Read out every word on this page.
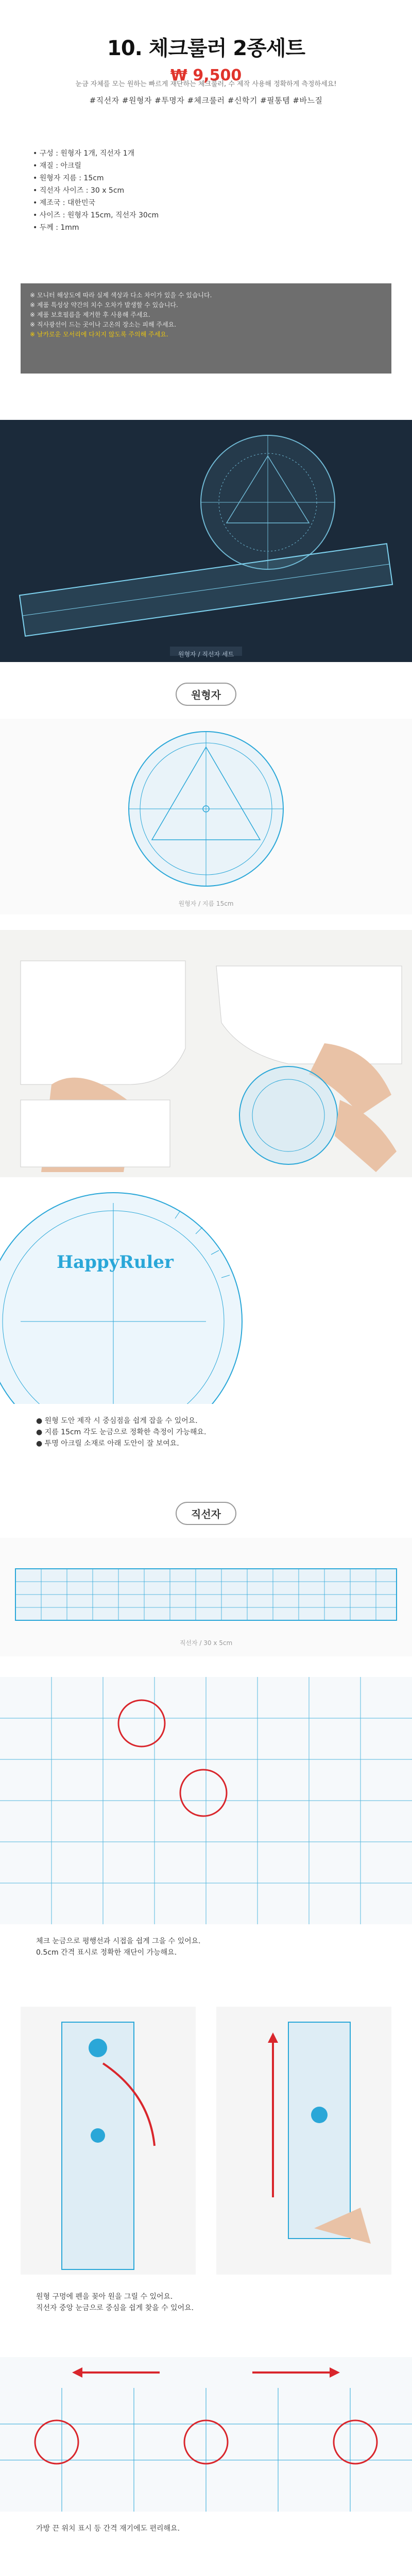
10. 체크룰러 2종세트
₩ 9,500
눈금 자체를 모는 원하는 빠르게 재단하는 체크룰러, 수 제작 사용해 정확하게 측정하세요!
#직선자 #원형자 #투명자 #체크룰러 #신학기 #필통템 #바느질
• 구성 : 원형자 1개, 직선자 1개
• 재질 : 아크릴
• 원형자 지름 : 15cm
• 직선자 사이즈 : 30 x 5cm
• 제조국 : 대한민국
• 사이즈 : 원형자 15cm, 직선자 30cm
• 두께 : 1mm
※ 모니터 해상도에 따라 실제 색상과 다소 차이가 있을 수 있습니다.
※ 제품 특성상 약간의 치수 오차가 발생할 수 있습니다.
※ 제품 보호필름을 제거한 후 사용해 주세요.
※ 직사광선이 드는 곳이나 고온의 장소는 피해 주세요.
※ 날카로운 모서리에 다치지 않도록 주의해 주세요.
원형자 / 직선자 세트
원형자
원형자 / 지름 15cm
HappyRuler
● 원형 도안 제작 시 중심점을 쉽게 잡을 수 있어요.
● 지름 15cm 각도 눈금으로 정확한 측정이 가능해요.
● 투명 아크릴 소재로 아래 도안이 잘 보여요.
직선자
직선자 / 30 x 5cm
체크 눈금으로 평행선과 시접을 쉽게 그을 수 있어요.
0.5cm 간격 표시로 정확한 재단이 가능해요.
원형 구멍에 펜을 꽂아 원을 그릴 수 있어요.
직선자 중앙 눈금으로 중심을 쉽게 찾을 수 있어요.
가방 끈 위치 표시 등 간격 재기에도 편리해요.
